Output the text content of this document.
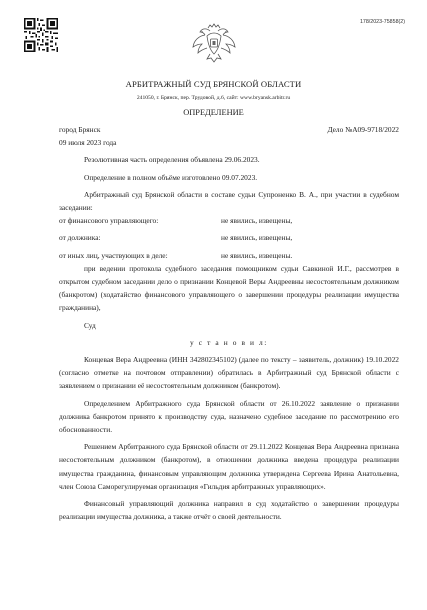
178/2023-75858(2)
АРБИТРАЖНЫЙ СУД БРЯНСКОЙ ОБЛАСТИ
241050, г. Брянск, пер. Трудовой, д.6, сайт: www.bryansk.arbitr.ru
ОПРЕДЕЛЕНИЕ
город Брянск	Дело №А09-9718/2022
09 июля 2023 года

Резолютивная часть определения объявлена 29.06.2023.

Определение в полном объёме изготовлено 09.07.2023.

Арбитражный суд Брянской области в составе судьи Супроненко В. А., при участии в судебном заседании:

от финансового управляющего:	не явились, извещены,
от должника:	не явились, извещены,
от иных лиц, участвующих в деле:	не явились, извещены.

при ведении протокола судебного заседания помощником судьи Савкиной И.Г., рассмотрев в открытом судебном заседании дело о признании Концевой Веры Андреевны несостоятельным должником (банкротом) (ходатайство финансового управляющего о завершении процедуры реализации имущества гражданина),

Суд

у с т а н о в и л:

Концевая Вера Андреевна (ИНН 342802345102) (далее по тексту – заявитель, должник) 19.10.2022 (согласно отметке на почтовом отправлении) обратилась в Арбитражный суд Брянской области с заявлением о признании её несостоятельным должником (банкротом).

Определением Арбитражного суда Брянской области от 26.10.2022 заявление о признании должника банкротом принято к производству суда, назначено судебное заседание по рассмотрению его обоснованности.

Решением Арбитражного суда Брянской области от 29.11.2022 Концевая Вера Андреевна признана несостоятельным должником (банкротом), в отношении должника введена процедура реализации имущества гражданина, финансовым управляющим должника утверждена Сергеева Ирина Анатольевна, член Союза Саморегулируемая организация «Гильдия арбитражных управляющих».

Финансовый управляющий должника направил в суд ходатайство о завершении процедуры реализации имущества должника, а также отчёт о своей деятельности.
